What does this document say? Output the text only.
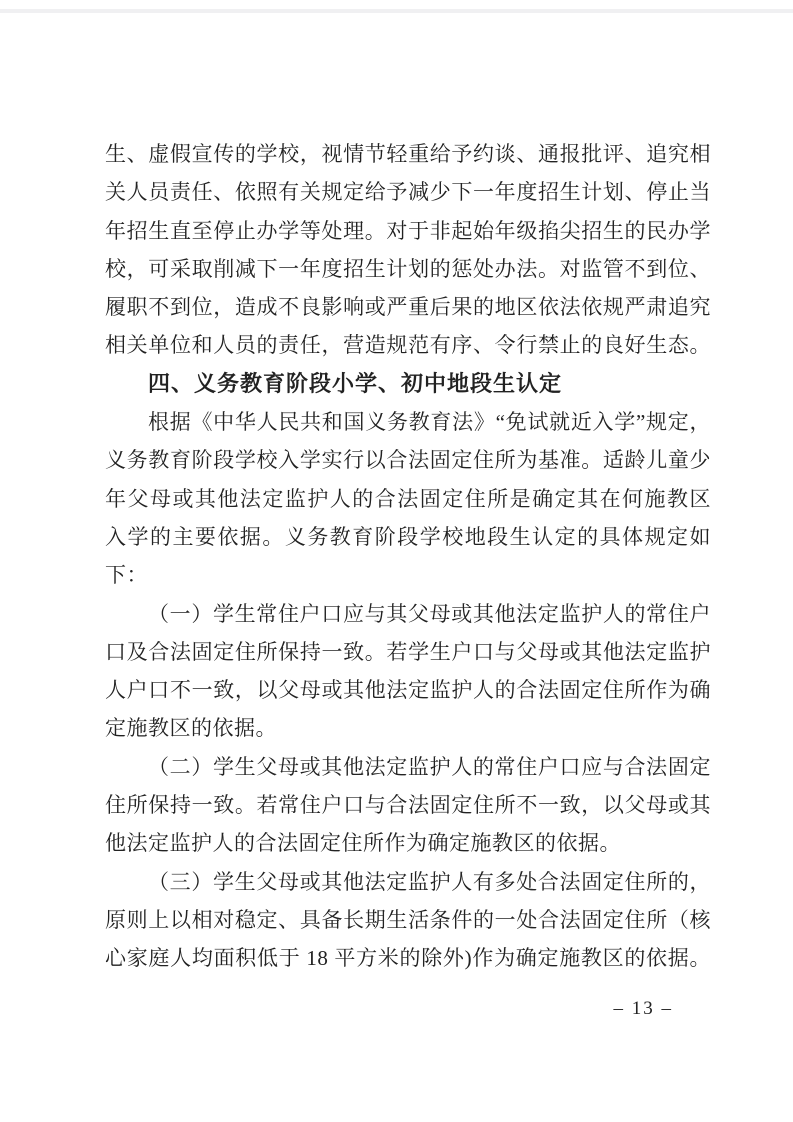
生、虚假宣传的学校，视情节轻重给予约谈、通报批评、追究相
关人员责任、依照有关规定给予减少下一年度招生计划、停止当
年招生直至停止办学等处理。对于非起始年级掐尖招生的民办学
校，可采取削减下一年度招生计划的惩处办法。对监管不到位、
履职不到位，造成不良影响或严重后果的地区依法依规严肃追究
相关单位和人员的责任，营造规范有序、令行禁止的良好生态。
四、义务教育阶段小学、初中地段生认定
根据《中华人民共和国义务教育法》“免试就近入学”规定，
义务教育阶段学校入学实行以合法固定住所为基准。适龄儿童少
年父母或其他法定监护人的合法固定住所是确定其在何施教区
入学的主要依据。义务教育阶段学校地段生认定的具体规定如
下：
（一）学生常住户口应与其父母或其他法定监护人的常住户
口及合法固定住所保持一致。若学生户口与父母或其他法定监护
人户口不一致，以父母或其他法定监护人的合法固定住所作为确
定施教区的依据。
（二）学生父母或其他法定监护人的常住户口应与合法固定
住所保持一致。若常住户口与合法固定住所不一致，以父母或其
他法定监护人的合法固定住所作为确定施教区的依据。
（三）学生父母或其他法定监护人有多处合法固定住所的，
原则上以相对稳定、具备长期生活条件的一处合法固定住所（核
心家庭人均面积低于 18 平方米的除外)作为确定施教区的依据。
– 13 –
